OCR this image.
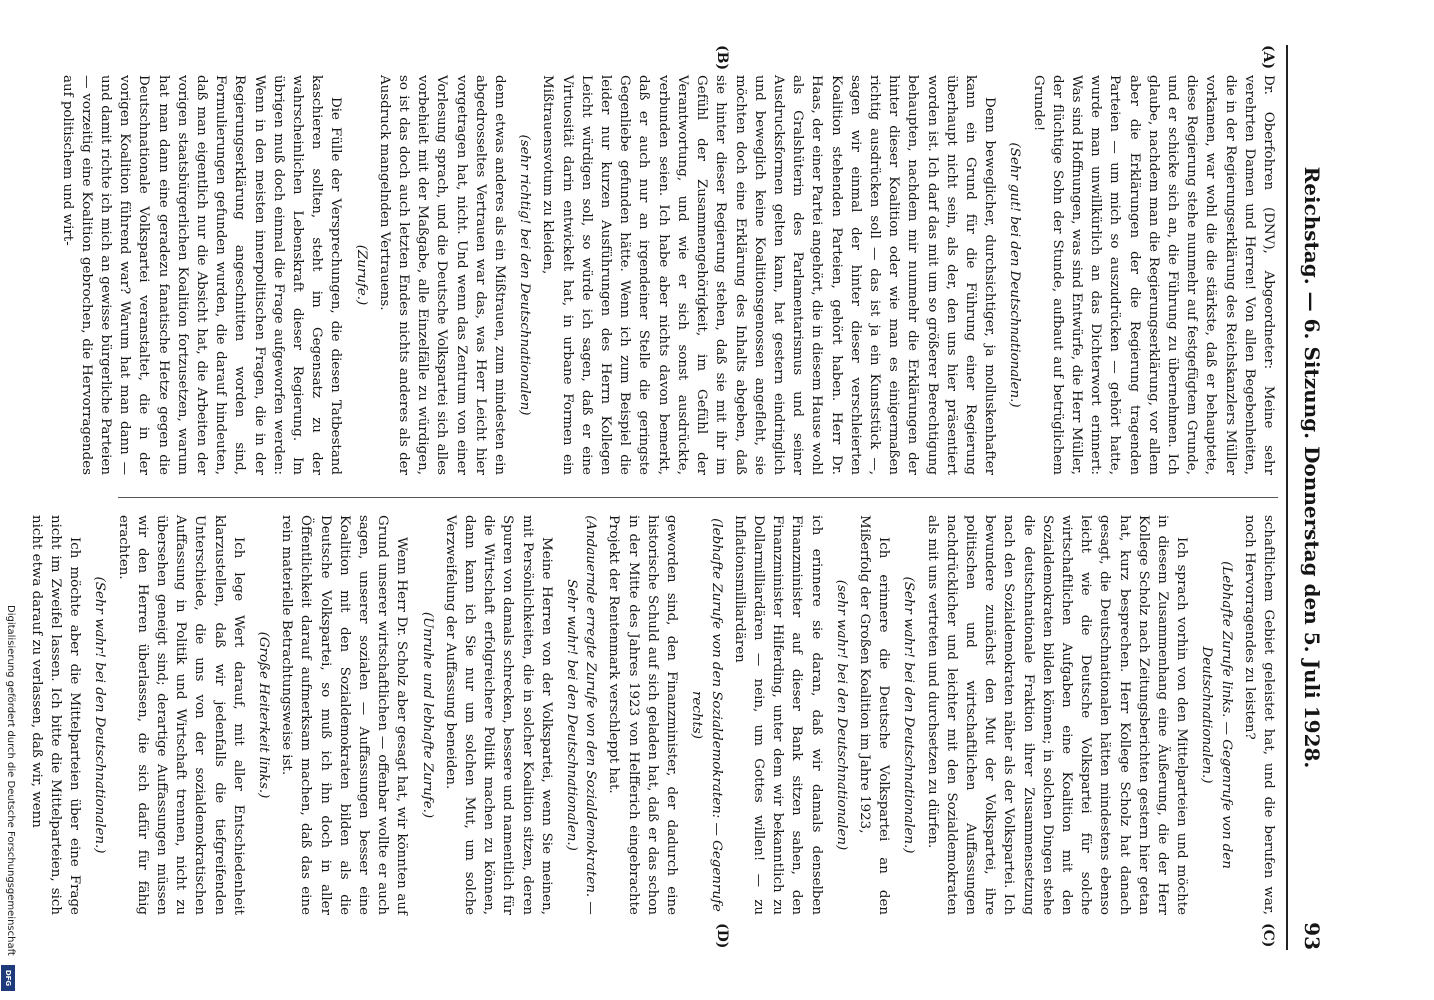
Reichstag. — 6. Sitzung. Donnerstag den 5. Juli 1928.
93
(A)
(B)
(C)
(D)

Dr. Oberfohren (DNV), Abgeordneter: Meine sehr verehrten Damen und Herren! Von allen Begebenheiten, die in der Regierungserklärung des Reichskanzlers Müller vorkamen, war wohl die die stärkste, daß er behauptete, diese Regierung stehe nunmehr auf festgefügtem Grunde, und er schicke sich an, die Führung zu übernehmen. Ich glaube, nachdem man die Regierungserklärung, vor allem aber die Erklärungen der die Regierung tragenden Parteien — um mich so auszudrücken — gehört hatte, wurde man unwillkürlich an das Dichterwort erinnert: Was sind Hoffnungen, was sind Entwürfe, die Herr Müller, der flüchtige Sohn der Stunde, aufbaut auf betrüglichem Grunde!

(Sehr gut! bei den Deutschnationalen.)

Denn beweglicher, durchsichtiger, ja molluskenhafter kann ein Grund für die Führung einer Regierung überhaupt nicht sein, als der, den uns hier präsentiert worden ist. Ich darf das mit um so größerer Berechtigung behaupten, nachdem mir nunmehr die Erklärungen der hinter dieser Koalition oder wie man es einigermaßen richtig ausdrücken soll — das ist ja ein Kunststück —, sagen wir einmal der hinter dieser verschleierten Koalition stehenden Parteien, gehört haben. Herr Dr. Haas, der einer Partei angehört, die in diesem Hause wohl als Gralshüterin des Parlamentarismus und seiner Ausdrucksformen gelten kann, hat gestern eindringlich und beweglich keine Koalitionsgenossen angefleht, sie möchten doch eine Erklärung des Inhalts abgeben, daß sie hinter dieser Regierung stehen, daß sie mit ihr im Gefühl der Zusammengehörigkeit, im Gefühl der Verantwortung, und wie er sich sonst ausdrückte, verbunden seien. Ich habe aber nichts davon bemerkt, daß er auch nur an irgendeiner Stelle die geringste Gegenliebe gefunden hätte. Wenn ich zum Beispiel die leider nur kurzen Ausführungen des Herrn Kollegen Leicht würdigen soll, so würde ich sagen, daß er eine Virtuosität darin entwickelt hat, in urbane Formen ein Mißtrauensvotum zu kleiden,

(sehr richtig! bei den Deutschnationalen)

denn etwas anderes als ein Mißtrauen, zum mindesten ein abgedrosseltes Vertrauen war das, was Herr Leicht hier vorgetragen hat, nicht. Und wenn das Zentrum von einer Vorlesung sprach, und die Deutsche Volkspartei sich alles vorbehielt mit der Maßgabe, alle Einzelfälle zu würdigen, so ist das doch auch letzten Endes nichts anderes als der Ausdruck mangelnden Vertrauens.

(Zurufe.)

Die Fülle der Versprechungen, die diesen Tatbestand kaschieren sollten, steht im Gegensatz zu der wahrscheinlichen Lebenskraft dieser Regierung. Im übrigen muß doch einmal die Frage aufgeworfen werden: Wenn in den meisten innerpolitischen Fragen, die in der Regierungserklärung angeschnitten worden sind, Formulierungen gefunden wurden, die darauf hindeuten, daß man eigentlich nur die Absicht hat, die Arbeiten der vorigen staatsbürgerlichen Koalition fortzusetzen, warum hat man dann eine geradezu fanatische Hetze gegen die Deutschnationale Volkspartei veranstaltet, die in der vorigen Koalition führend war? Warum hat man dann — und damit richte ich mich an gewisse bürgerliche Parteien — vorzeitig eine Koalition gebrochen, die Hervorragendes auf politischem und wirt-

schaftlichem Gebiet geleistet hat, und die berufen war, noch Hervorragendes zu leisten?

(Lebhafte Zurufe links. — Gegenrufe von den Deutschnationalen.)

Ich sprach vorhin von den Mittelparteien und möchte in diesem Zusammenhang eine Äußerung, die der Herr Kollege Scholz nach Zeitungsberichten gestern hier getan hat, kurz besprechen. Herr Kollege Scholz hat danach gesagt, die Deutschnationalen hätten mindestens ebenso leicht wie die Deutsche Volkspartei für solche wirtschaftlichen Aufgaben eine Koalition mit den Sozialdemokraten bilden können; in solchen Dingen stehe die deutschnationale Fraktion ihrer Zusammensetzung nach den Sozialdemokraten näher als der Volkspartei. Ich bewundere zunächst den Mut der Volkspartei, ihre politischen und wirtschaftlichen Auffassungen nachdrücklicher und leichter mit den Sozialdemokraten als mit uns vertreten und durchsetzen zu dürfen.

(Sehr wahr! bei den Deutschnationalen.)

Ich erinnere die Deutsche Volkspartei an den Mißerfolg der Großen Koalition im Jahre 1923,

(sehr wahr! bei den Deutschnationalen)

ich erinnere sie daran, daß wir damals denselben Finanzminister auf dieser Bank sitzen sahen, den Finanzminister Hilferding, unter dem wir bekanntlich zu Dollarmilliardären — nein, um Gottes willen! — zu Inflationsmilliardären

(lebhafte Zurufe von den Sozialdemokraten: — Gegenrufe rechts)

geworden sind, den Finanzminister, der dadurch eine historische Schuld auf sich geladen hat, daß er das schon in der Mitte des Jahres 1923 von Helfferich eingebrachte Projekt der Rentenmark verschleppt hat.

(Andauernde erregte Zurufe von den Sozialdemokraten. — Sehr wahr! bei den Deutschnationalen.)

Meine Herren von der Volkspartei, wenn Sie meinen, mit Persönlichkeiten, die in solcher Koalition sitzen, deren Spuren von damals schrecken, bessere und namentlich für die Wirtschaft erfolgreichere Politik machen zu können, dann kann ich Sie nur um solchen Mut, um solche Verzweifelung der Auffassung beneiden.

(Unruhe und lebhafte Zurufe.)

Wenn Herr Dr. Scholz aber gesagt hat, wir könnten auf Grund unserer wirtschaftlichen — offenbar wollte er auch sagen, unserer sozialen — Auffassungen besser eine Koalition mit den Sozialdemokraten bilden als die Deutsche Volkspartei, so muß ich ihn doch in aller Öffentlichkeit darauf aufmerksam machen, daß das eine rein materielle Betrachtungsweise ist.

(Große Heiterkeit links.)

Ich lege Wert darauf, mit aller Entschiedenheit klarzustellen, daß wir jedenfalls die tiefgreifenden Unterschiede, die uns von der sozialdemokratischen Auffassung in Politik und Wirtschaft trennen, nicht zu übersehen geneigt sind; derartige Auffassungen müssen wir den Herren überlassen, die sich dafür für fähig erachten.

(Sehr wahr! bei den Deutschnationalen.)

Ich möchte aber die Mittelparteien über eine Frage nicht im Zweifel lassen. Ich bitte die Mittelparteien, sich nicht etwa darauf zu verlassen, daß wir, wenn

Digitalisierung gefördert durch die Deutsche Forschungsgemeinschaft
DFG
